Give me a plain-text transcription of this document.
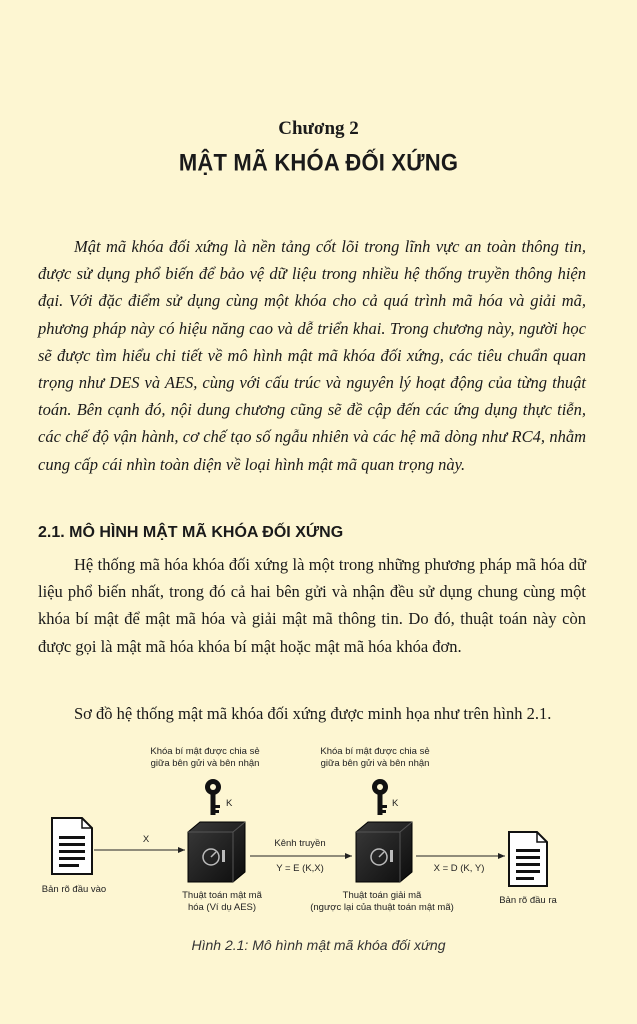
Chương 2
MẬT MÃ KHÓA ĐỐI XỨNG

Mật mã khóa đối xứng là nền tảng cốt lõi trong lĩnh vực an toàn thông tin, được sử dụng phổ biến để bảo vệ dữ liệu trong nhiều hệ thống truyền thông hiện đại. Với đặc điểm sử dụng cùng một khóa cho cả quá trình mã hóa và giải mã, phương pháp này có hiệu năng cao và dễ triển khai. Trong chương này, người học sẽ được tìm hiểu chi tiết về mô hình mật mã khóa đối xứng, các tiêu chuẩn quan trọng như DES và AES, cùng với cấu trúc và nguyên lý hoạt động của từng thuật toán. Bên cạnh đó, nội dung chương cũng sẽ đề cập đến các ứng dụng thực tiễn, các chế độ vận hành, cơ chế tạo số ngẫu nhiên và các hệ mã dòng như RC4, nhằm cung cấp cái nhìn toàn diện về loại hình mật mã quan trọng này.

2.1. MÔ HÌNH MẬT MÃ KHÓA ĐỐI XỨNG

Hệ thống mã hóa khóa đối xứng là một trong những phương pháp mã hóa dữ liệu phổ biến nhất, trong đó cả hai bên gửi và nhận đều sử dụng chung cùng một khóa bí mật để mật mã hóa và giải mật mã thông tin. Do đó, thuật toán này còn được gọi là mật mã hóa khóa bí mật hoặc mật mã hóa khóa đơn.

Sơ đồ hệ thống mật mã khóa đối xứng được minh họa như trên hình 2.1.

Khóa bí mật được chia sẻ
giữa bên gửi và bên nhận
K
Khóa bí mật được chia sẻ
giữa bên gửi và bên nhận
K
Bản rõ đầu vào
X
Thuật toán mật mã
hóa (Ví dụ AES)
Kênh truyền
Y = E (K,X)
Thuật toán giải mã
(ngược lại của thuật toán mật mã)
X = D (K, Y)
Bản rõ đầu ra
Hình 2.1: Mô hình mật mã khóa đối xứng
